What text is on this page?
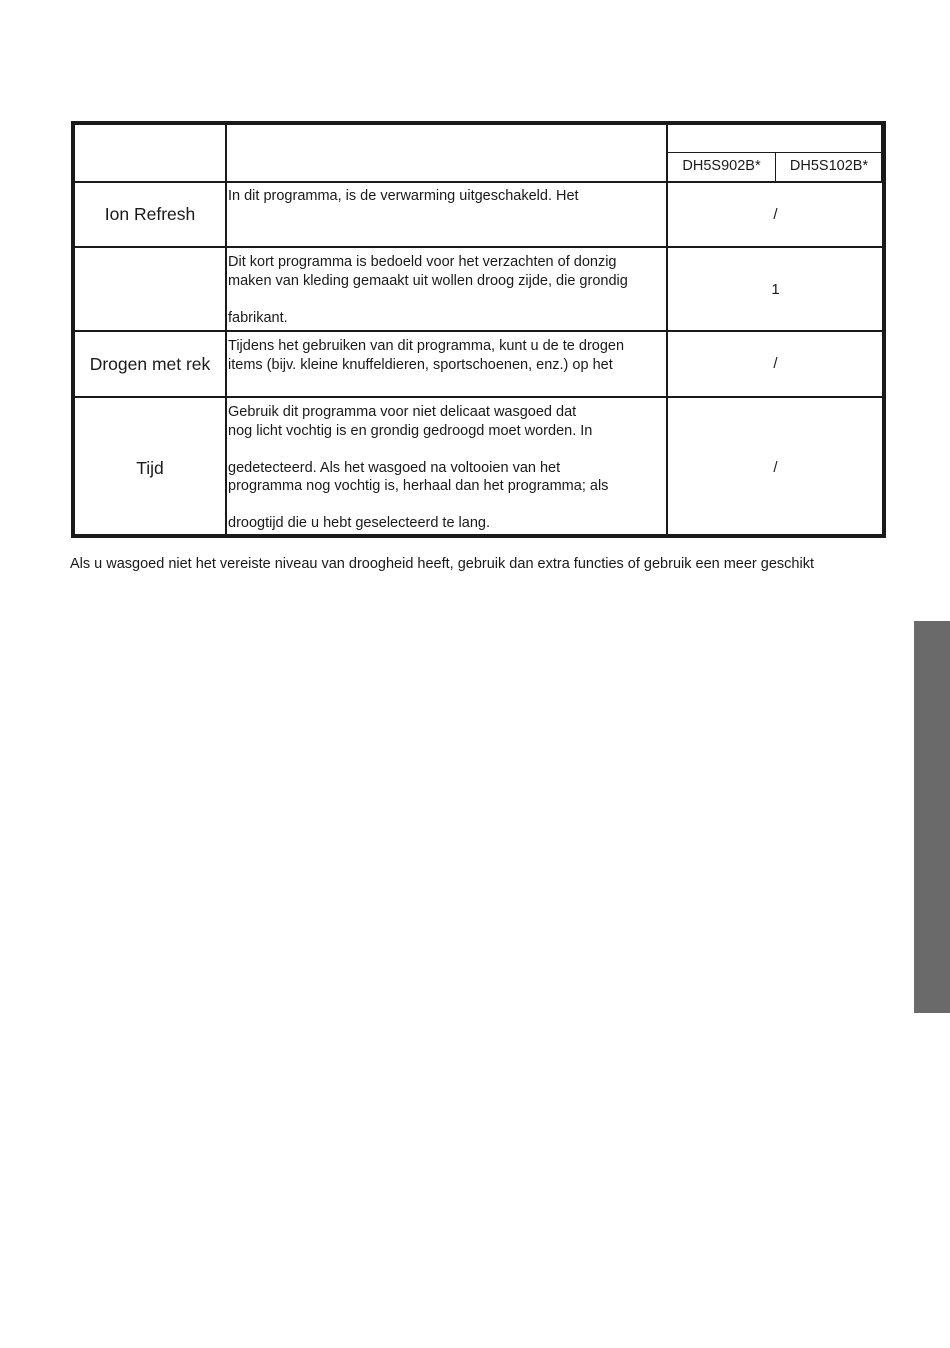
DH5S902B*	DH5S102B*
Ion Refresh
In dit programma, is de verwarming uitgeschakeld. Het
/
Dit kort programma is bedoeld voor het verzachten of donzig
maken van kleding gemaakt uit wollen droog zijde, die grondig
fabrikant.
1
Drogen met rek
Tijdens het gebruiken van dit programma, kunt u de te drogen
items (bijv. kleine knuffeldieren, sportschoenen, enz.) op het	/
Tijd
Gebruik dit programma voor niet delicaat wasgoed dat
nog licht vochtig is en grondig gedroogd moet worden. In
gedetecteerd. Als het wasgoed na voltooien van het
programma nog vochtig is, herhaal dan het programma; als
droogtijd die u hebt geselecteerd te lang.
/
Als u wasgoed niet het vereiste niveau van droogheid heeft, gebruik dan extra functies of gebruik een meer geschikt
